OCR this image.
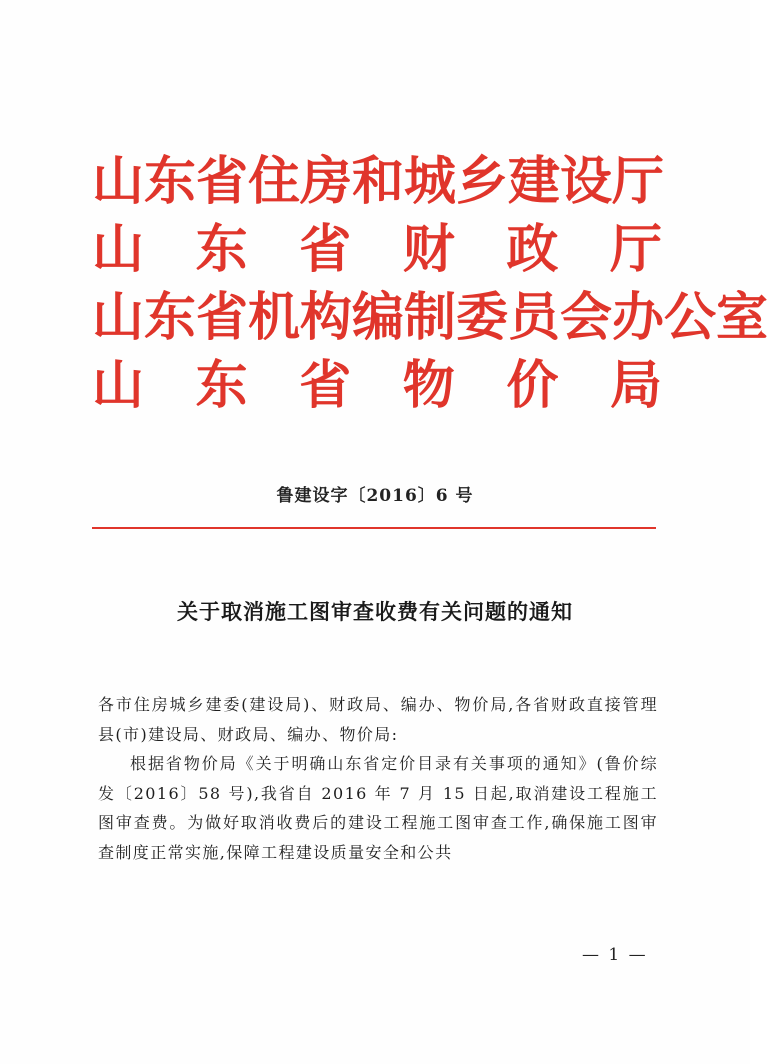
山东省住房和城乡建设厅
山 东 省 财 政 厅
山东省机构编制委员会办公室
山 东 省 物 价 局
鲁建设字〔2016〕6 号
关于取消施工图审查收费有关问题的通知

各市住房城乡建委(建设局)、财政局、编办、物价局,各省财政直接管理县(市)建设局、财政局、编办、物价局:

根据省物价局《关于明确山东省定价目录有关事项的通知》(鲁价综发〔2016〕58 号),我省自 2016 年 7 月 15 日起,取消建设工程施工图审查费。为做好取消收费后的建设工程施工图审查工作,确保施工图审查制度正常实施,保障工程建设质量安全和公共

— 1 —
